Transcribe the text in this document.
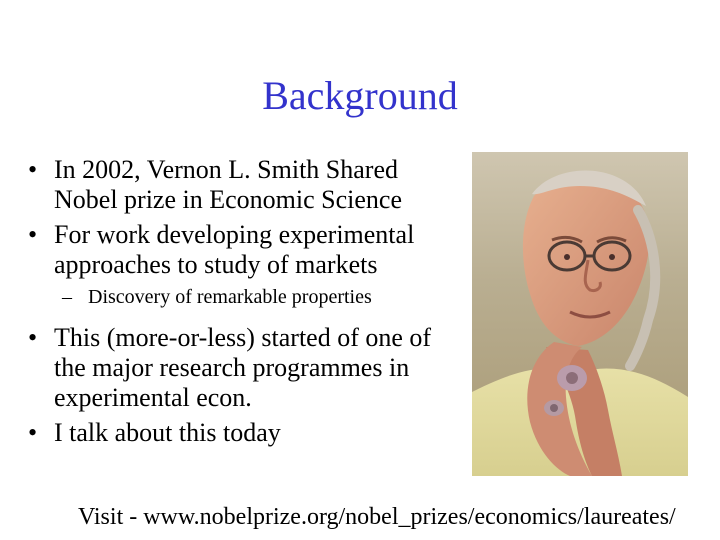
Background
• In 2002, Vernon L. Smith Shared Nobel prize in Economic Science
• For work developing experimental approaches to study of markets
– Discovery of remarkable properties
• This (more-or-less) started of one of the major research programmes in experimental econ.
• I talk about this today
Visit - www.nobelprize.org/nobel_prizes/economics/laureates/
